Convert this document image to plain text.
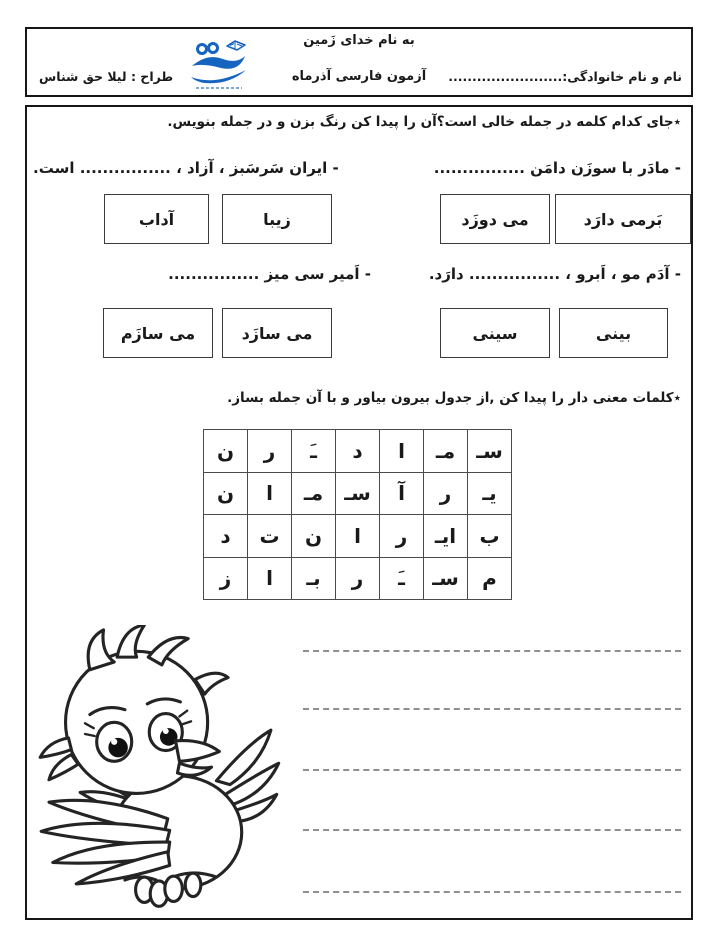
به نام خدای زَمین
نام و نام خانوادگی:........................
آزمون فارسی آذرماه
طراح : لیلا حق شناس
٭جای کدام کلمه در جمله خالی است؟آن را پیدا کن رنگ بزن و در جمله بنویس.
- مادَر با سوزَن دامَن ................
- ایران سَرسَبز ، آزاد ، ................ است.
آداب	زیبا	می دوزَد	بَرمی دارَد
- آدَم مو ، اَبرو ، ................ دارَد.
- اَمیر سی میز ................
می سازَم	می سازَد	سینی	بینی
٭کلمات معنی دار را پیدا کن ,از جدول بیرون بیاور و با آن جمله بساز.
ن	ر	ـَ	د	ا	مـ	سـ
ن	ا	مـ	سـ	آ	ر	یـ
د	ت	ن	ا	ر	ایـ	ب
ز	ا	بـ	ر	ـَ	سـ	م
